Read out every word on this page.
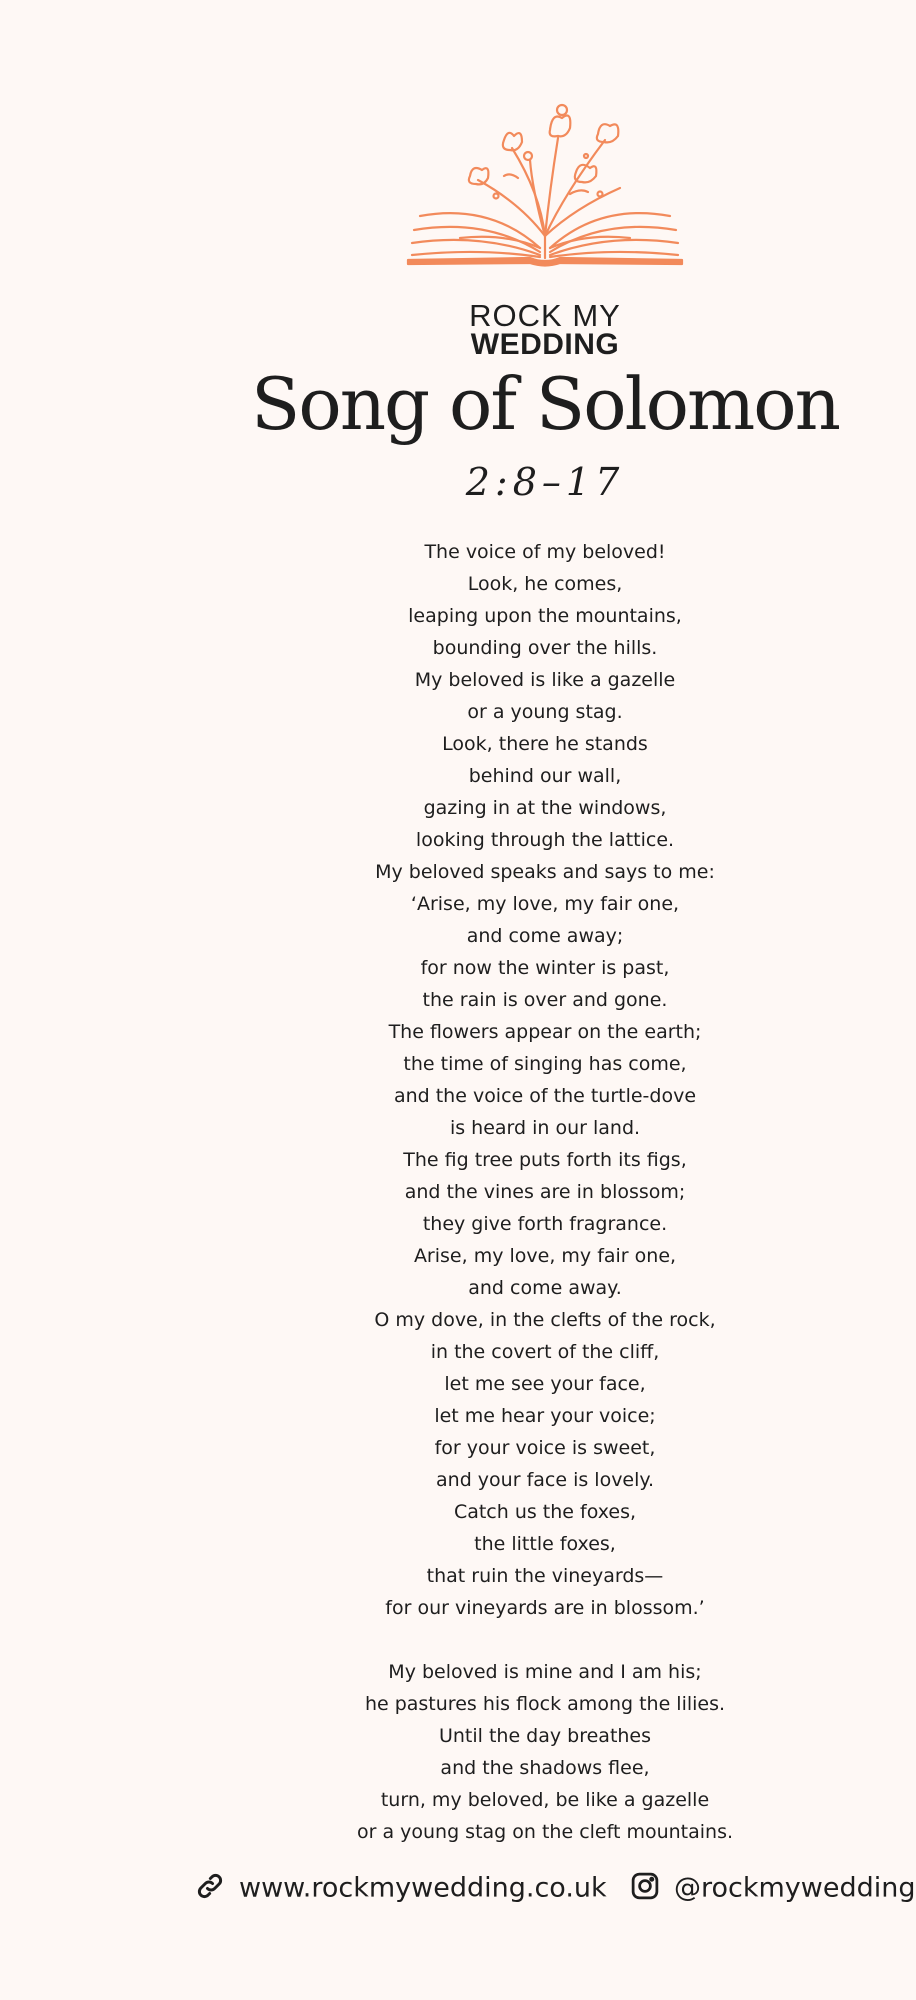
ROCK MY
WEDDING
Song of Solomon
2:8–17
The voice of my beloved!
Look, he comes,
leaping upon the mountains,
bounding over the hills.
My beloved is like a gazelle
or a young stag.
Look, there he stands
behind our wall,
gazing in at the windows,
looking through the lattice.
My beloved speaks and says to me:
‘Arise, my love, my fair one,
and come away;
for now the winter is past,
the rain is over and gone.
The flowers appear on the earth;
the time of singing has come,
and the voice of the turtle-dove
is heard in our land.
The fig tree puts forth its figs,
and the vines are in blossom;
they give forth fragrance.
Arise, my love, my fair one,
and come away.
O my dove, in the clefts of the rock,
in the covert of the cliff,
let me see your face,
let me hear your voice;
for your voice is sweet,
and your face is lovely.
Catch us the foxes,
the little foxes,
that ruin the vineyards—
for our vineyards are in blossom.’
My beloved is mine and I am his;
he pastures his flock among the lilies.
Until the day breathes
and the shadows flee,
turn, my beloved, be like a gazelle
or a young stag on the cleft mountains.
www.rockmywedding.co.uk	@rockmywedding
